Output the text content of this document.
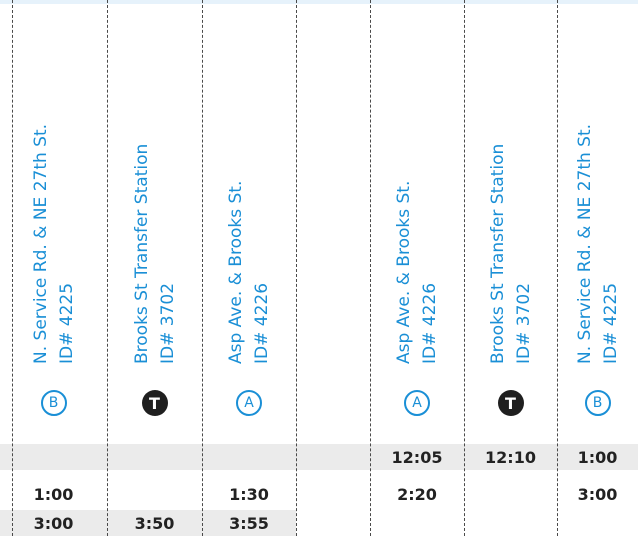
N. Service Rd. & NE 27th St. ID# 4225
B
1:00
3:00
Brooks St Transfer Station ID# 3702
T
3:50
Asp Ave. & Brooks St. ID# 4226
A
1:30
3:55
Asp Ave. & Brooks St. ID# 4226
A
12:05
2:20
Brooks St Transfer Station ID# 3702
T
12:10
N. Service Rd. & NE 27th St. ID# 4225
B
1:00
3:00
